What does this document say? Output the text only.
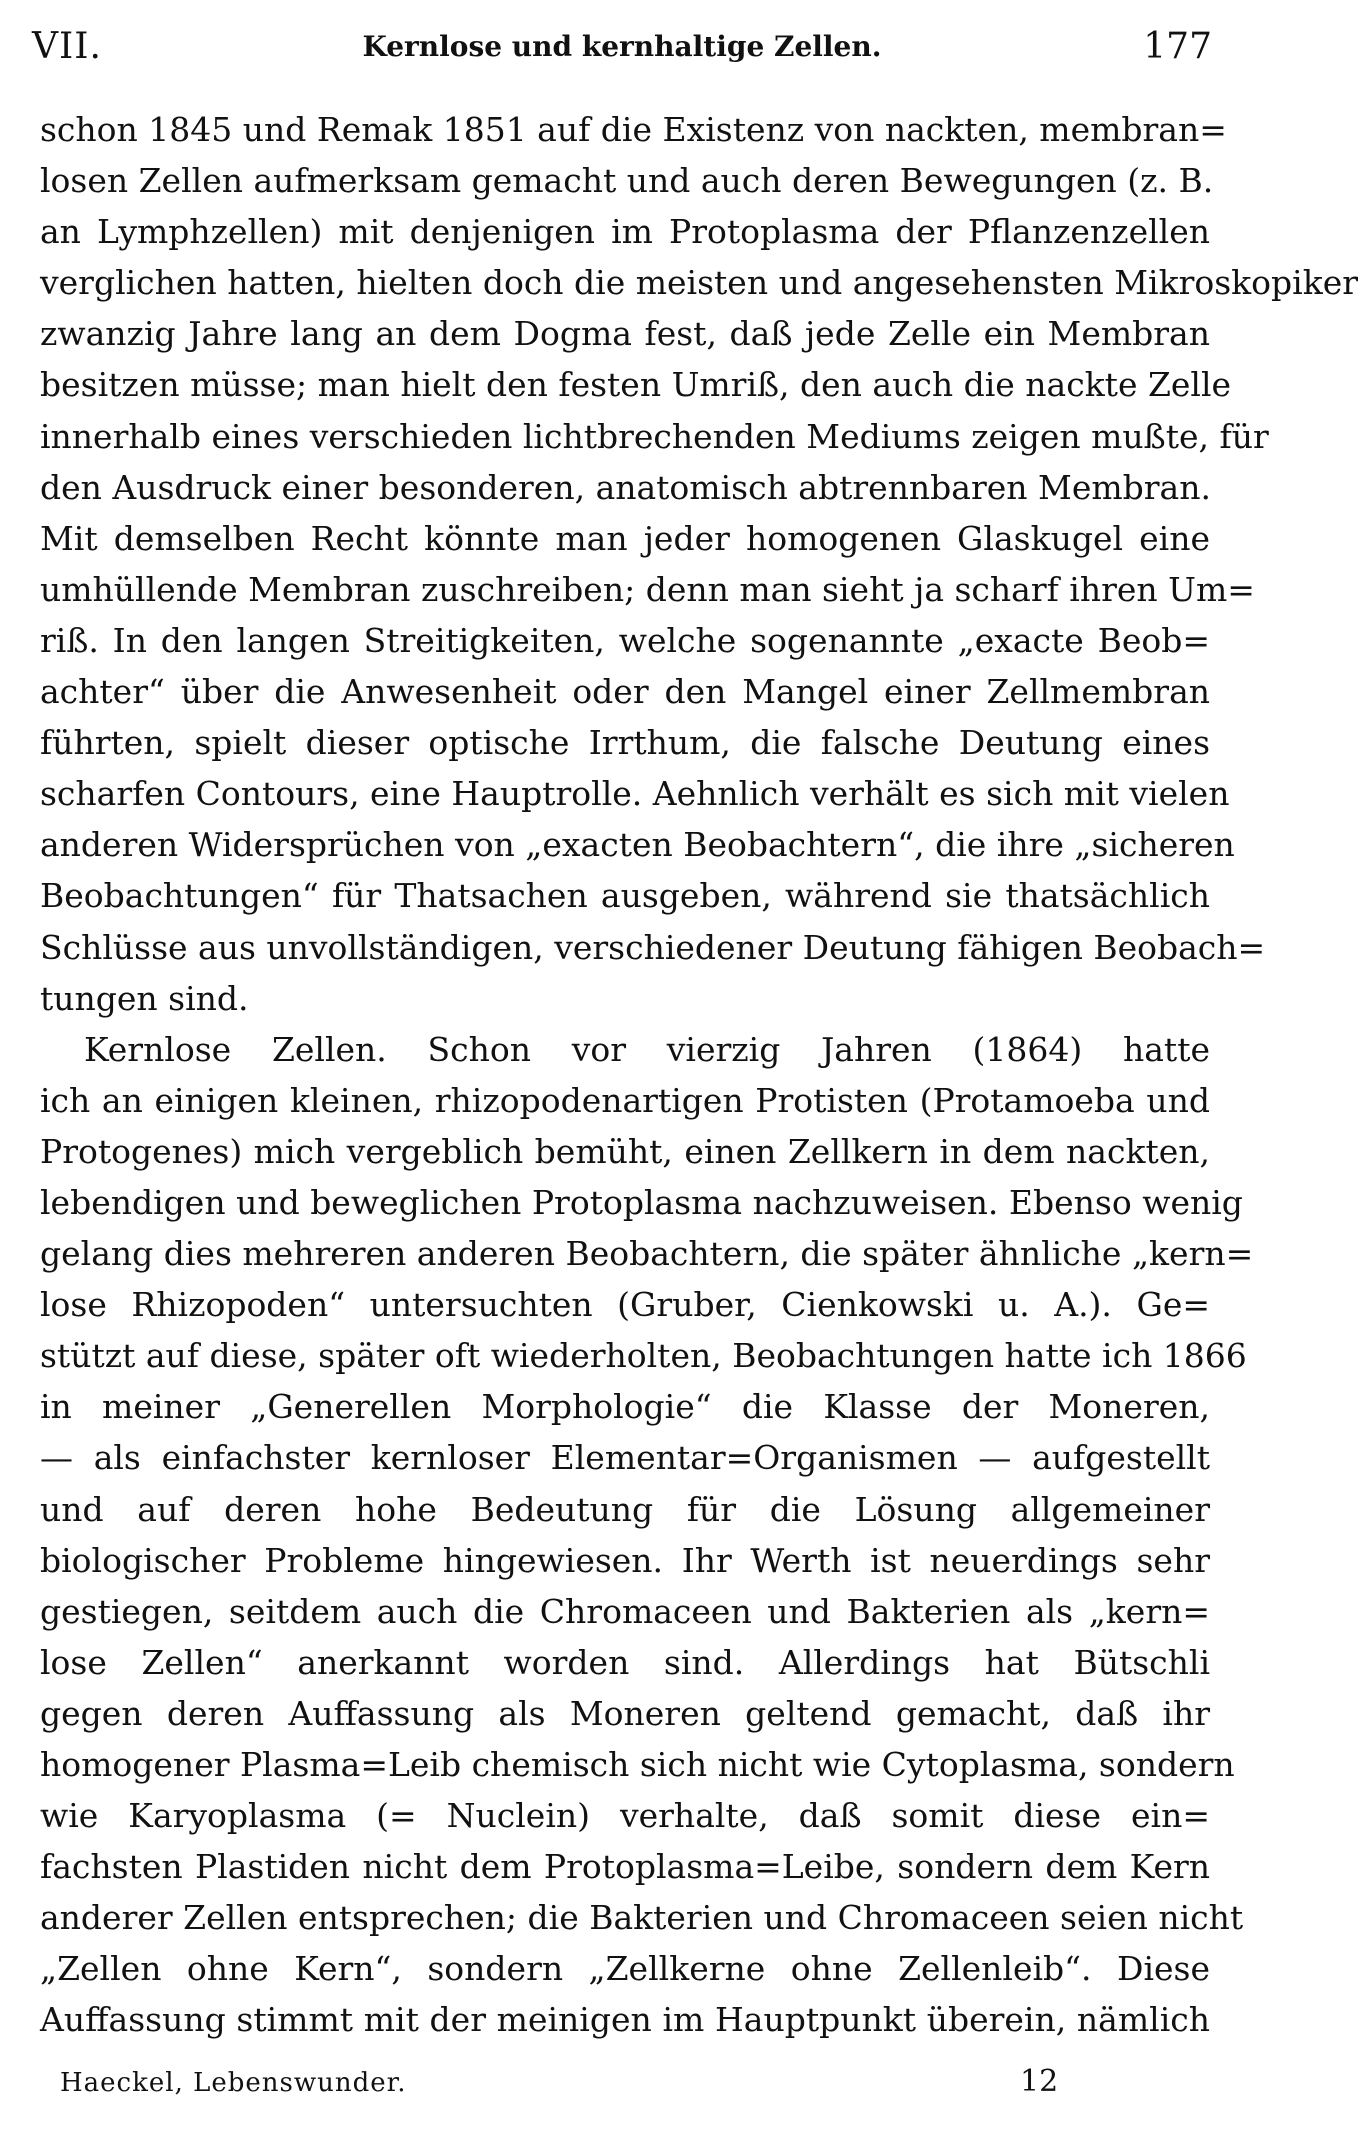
VII.	Kernlose und kernhaltige Zellen.	177
schon 1845 und Remak 1851 auf die Existenz von nackten, membran=
losen Zellen aufmerksam gemacht und auch deren Bewegungen (z. B.
an Lymphzellen) mit denjenigen im Protoplasma der Pflanzenzellen
verglichen hatten, hielten doch die meisten und angesehensten Mikroskopiker
zwanzig Jahre lang an dem Dogma fest, daß jede Zelle ein Membran
besitzen müsse; man hielt den festen Umriß, den auch die nackte Zelle
innerhalb eines verschieden lichtbrechenden Mediums zeigen mußte, für
den Ausdruck einer besonderen, anatomisch abtrennbaren Membran.
Mit demselben Recht könnte man jeder homogenen Glaskugel eine
umhüllende Membran zuschreiben; denn man sieht ja scharf ihren Um=
riß. In den langen Streitigkeiten, welche sogenannte „exacte Beob=
achter“ über die Anwesenheit oder den Mangel einer Zellmembran
führten, spielt dieser optische Irrthum, die falsche Deutung eines
scharfen Contours, eine Hauptrolle. Aehnlich verhält es sich mit vielen
anderen Widersprüchen von „exacten Beobachtern“, die ihre „sicheren
Beobachtungen“ für Thatsachen ausgeben, während sie thatsächlich
Schlüsse aus unvollständigen, verschiedener Deutung fähigen Beobach=
tungen sind.
Kernlose Zellen. Schon vor vierzig Jahren (1864) hatte
ich an einigen kleinen, rhizopodenartigen Protisten (Protamoeba und
Protogenes) mich vergeblich bemüht, einen Zellkern in dem nackten,
lebendigen und beweglichen Protoplasma nachzuweisen. Ebenso wenig
gelang dies mehreren anderen Beobachtern, die später ähnliche „kern=
lose Rhizopoden“ untersuchten (Gruber, Cienkowski u. A.). Ge=
stützt auf diese, später oft wiederholten, Beobachtungen hatte ich 1866
in meiner „Generellen Morphologie“ die Klasse der Moneren,
— als einfachster kernloser Elementar=Organismen — aufgestellt
und auf deren hohe Bedeutung für die Lösung allgemeiner
biologischer Probleme hingewiesen. Ihr Werth ist neuerdings sehr
gestiegen, seitdem auch die Chromaceen und Bakterien als „kern=
lose Zellen“ anerkannt worden sind. Allerdings hat Bütschli
gegen deren Auffassung als Moneren geltend gemacht, daß ihr
homogener Plasma=Leib chemisch sich nicht wie Cytoplasma, sondern
wie Karyoplasma (= Nuclein) verhalte, daß somit diese ein=
fachsten Plastiden nicht dem Protoplasma=Leibe, sondern dem Kern
anderer Zellen entsprechen; die Bakterien und Chromaceen seien nicht
„Zellen ohne Kern“, sondern „Zellkerne ohne Zellenleib“. Diese
Auffassung stimmt mit der meinigen im Hauptpunkt überein, nämlich
Haeckel, Lebenswunder.	12
